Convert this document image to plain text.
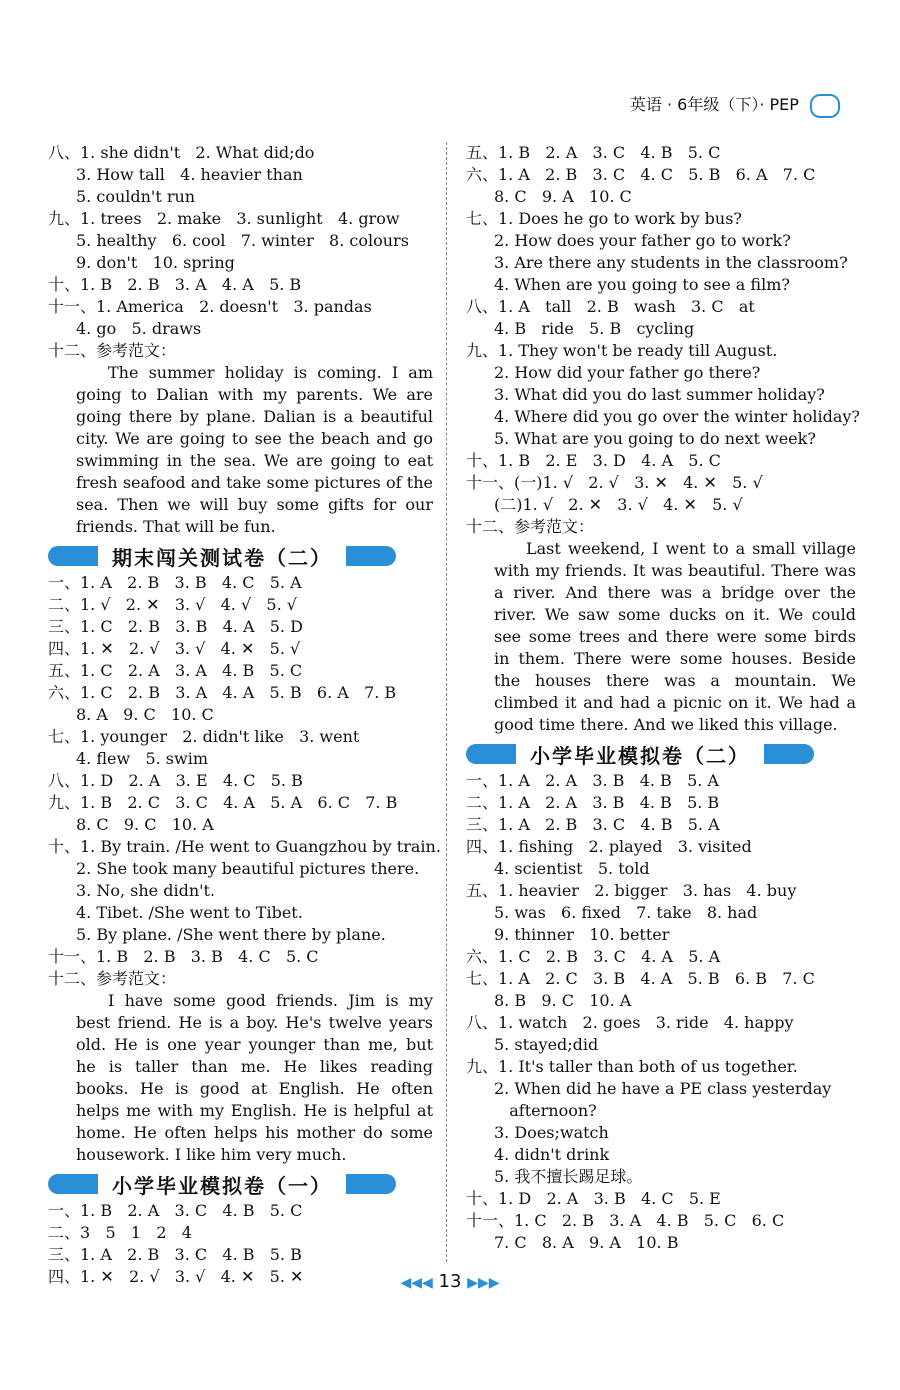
英语 · 6年级（下）· PEP
八、1. she didn't   2. What did;do
3. How tall   4. heavier than
5. couldn't run
九、1. trees   2. make   3. sunlight   4. grow
5. healthy   6. cool   7. winter   8. colours
9. don't   10. spring
十、1. B   2. B   3. A   4. A   5. B
十一、1. America   2. doesn't   3. pandas
4. go   5. draws
十二、参考范文：
The summer holiday is coming. I am going to Dalian with my parents. We are going there by plane. Dalian is a beautiful city. We are going to see the beach and go swimming in the sea. We are going to eat fresh seafood and take some pictures of the sea. Then we will buy some gifts for our friends. That will be fun.
期末闯关测试卷（二）
一、1. A   2. B   3. B   4. C   5. A
二、1. √   2. ✕   3. √   4. √   5. √
三、1. C   2. B   3. B   4. A   5. D
四、1. ✕   2. √   3. √   4. ✕   5. √
五、1. C   2. A   3. A   4. B   5. C
六、1. C   2. B   3. A   4. A   5. B   6. A   7. B
8. A   9. C   10. C
七、1. younger   2. didn't like   3. went
4. flew   5. swim
八、1. D   2. A   3. E   4. C   5. B
九、1. B   2. C   3. C   4. A   5. A   6. C   7. B
8. C   9. C   10. A
十、1. By train. /He went to Guangzhou by train.
2. She took many beautiful pictures there.
3. No, she didn't.
4. Tibet. /She went to Tibet.
5. By plane. /She went there by plane.
十一、1. B   2. B   3. B   4. C   5. C
十二、参考范文：
I have some good friends. Jim is my best friend. He is a boy. He's twelve years old. He is one year younger than me, but he is taller than me. He likes reading books. He is good at English. He often helps me with my English. He is helpful at home. He often helps his mother do some housework. I like him very much.
小学毕业模拟卷（一）
一、1. B   2. A   3. C   4. B   5. C
二、3   5   1   2   4
三、1. A   2. B   3. C   4. B   5. B
四、1. ✕   2. √   3. √   4. ✕   5. ✕
五、1. B   2. A   3. C   4. B   5. C
六、1. A   2. B   3. C   4. C   5. B   6. A   7. C
8. C   9. A   10. C
七、1. Does he go to work by bus?
2. How does your father go to work?
3. Are there any students in the classroom?
4. When are you going to see a film?
八、1. A   tall   2. B   wash   3. C   at
4. B   ride   5. B   cycling
九、1. They won't be ready till August.
2. How did your father go there?
3. What did you do last summer holiday?
4. Where did you go over the winter holiday?
5. What are you going to do next week?
十、1. B   2. E   3. D   4. A   5. C
十一、(一)1. √   2. √   3. ✕   4. ✕   5. √
(二)1. √   2. ✕   3. √   4. ✕   5. √
十二、参考范文：
Last weekend, I went to a small village with my friends. It was beautiful. There was a river. And there was a bridge over the river. We saw some ducks on it. We could see some trees and there were some birds in them. There were some houses. Beside the houses there was a mountain. We climbed it and had a picnic on it. We had a good time there. And we liked this village.
小学毕业模拟卷（二）
一、1. A   2. A   3. B   4. B   5. A
二、1. A   2. A   3. B   4. B   5. B
三、1. A   2. B   3. C   4. B   5. A
四、1. fishing   2. played   3. visited
4. scientist   5. told
五、1. heavier   2. bigger   3. has   4. buy
5. was   6. fixed   7. take   8. had
9. thinner   10. better
六、1. C   2. B   3. C   4. A   5. A
七、1. A   2. C   3. B   4. A   5. B   6. B   7. C
8. B   9. C   10. A
八、1. watch   2. goes   3. ride   4. happy
5. stayed;did
九、1. It's taller than both of us together.
2. When did he have a PE class yesterday
afternoon?
3. Does;watch
4. didn't drink
5. 我不擅长踢足球。
十、1. D   2. A   3. B   4. C   5. E
十一、1. C   2. B   3. A   4. B   5. C   6. C
7. C   8. A   9. A   10. B
◀◀◀ 13 ▶▶▶
